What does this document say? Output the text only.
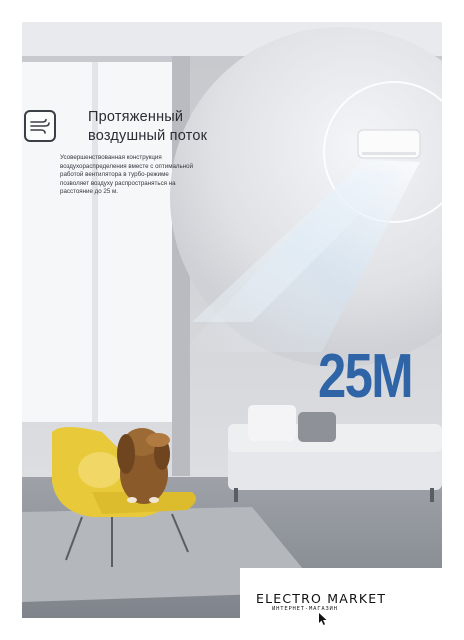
Протяженный
воздушный поток
Усовершенствованная конструкция
воздухораспределения вместе с оптимальной
работой вентилятора в турбо-режиме
позволяет воздуху распространяться на
расстояние до 25 м.
25М
ELECTRO MARKET
ИНТЕРНЕТ-МАГАЗИН
